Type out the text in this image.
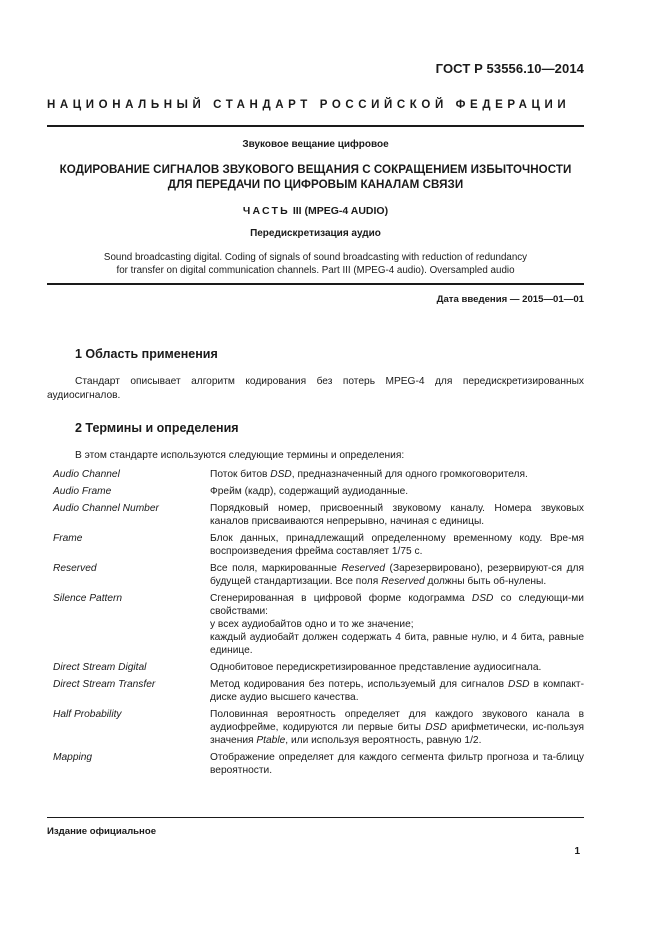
ГОСТ Р 53556.10—2014
НАЦИОНАЛЬНЫЙ СТАНДАРТ РОССИЙСКОЙ ФЕДЕРАЦИИ
Звуковое вещание цифровое
КОДИРОВАНИЕ СИГНАЛОВ ЗВУКОВОГО ВЕЩАНИЯ С СОКРАЩЕНИЕМ ИЗБЫТОЧНОСТИ
ДЛЯ ПЕРЕДАЧИ ПО ЦИФРОВЫМ КАНАЛАМ СВЯЗИ
ЧАСТЬ III (MPEG-4 AUDIO)
Передискретизация аудио
Sound broadcasting digital. Coding of signals of sound broadcasting with reduction of redundancy
for transfer on digital communication channels. Part III (MPEG-4 audio). Oversampled audio
Дата введения — 2015—01—01
1 Область применения
Стандарт описывает алгоритм кодирования без потерь MPEG-4 для передискретизированных аудиосигналов.
2 Термины и определения
В этом стандарте используются следующие термины и определения:
Audio Channel	Поток битов DSD, предназначенный для одного громкоговорителя.
Audio Frame	Фрейм (кадр), содержащий аудиоданные.
Audio Channel Number	Порядковый номер, присвоенный звуковому каналу. Номера звуковых каналов присваиваются непрерывно, начиная с единицы.
Frame	Блок данных, принадлежащий определенному временному коду. Вре-мя воспроизведения фрейма составляет 1/75 с.
Reserved	Все поля, маркированные Reserved (Зарезервировано), резервируют-ся для будущей стандартизации. Все поля Reserved должны быть об-нулены.
Silence Pattern	Сгенерированная в цифровой форме кодограмма DSD со следующи-ми свойствами:
у всех аудиобайтов одно и то же значение;
каждый аудиобайт должен содержать 4 бита, равные нулю, и 4 бита, равные единице.
Direct Stream Digital	Однобитовое передискретизированное представление аудиосигнала.
Direct Stream Transfer	Метод кодирования без потерь, используемый для сигналов DSD в компакт-диске аудио высшего качества.
Half Probability	Половинная вероятность определяет для каждого звукового канала в аудиофрейме, кодируются ли первые биты DSD арифметически, ис-пользуя значения Ptable, или используя вероятность, равную 1/2.
Mapping	Отображение определяет для каждого сегмента фильтр прогноза и та-блицу вероятности.
Издание официальное
1
